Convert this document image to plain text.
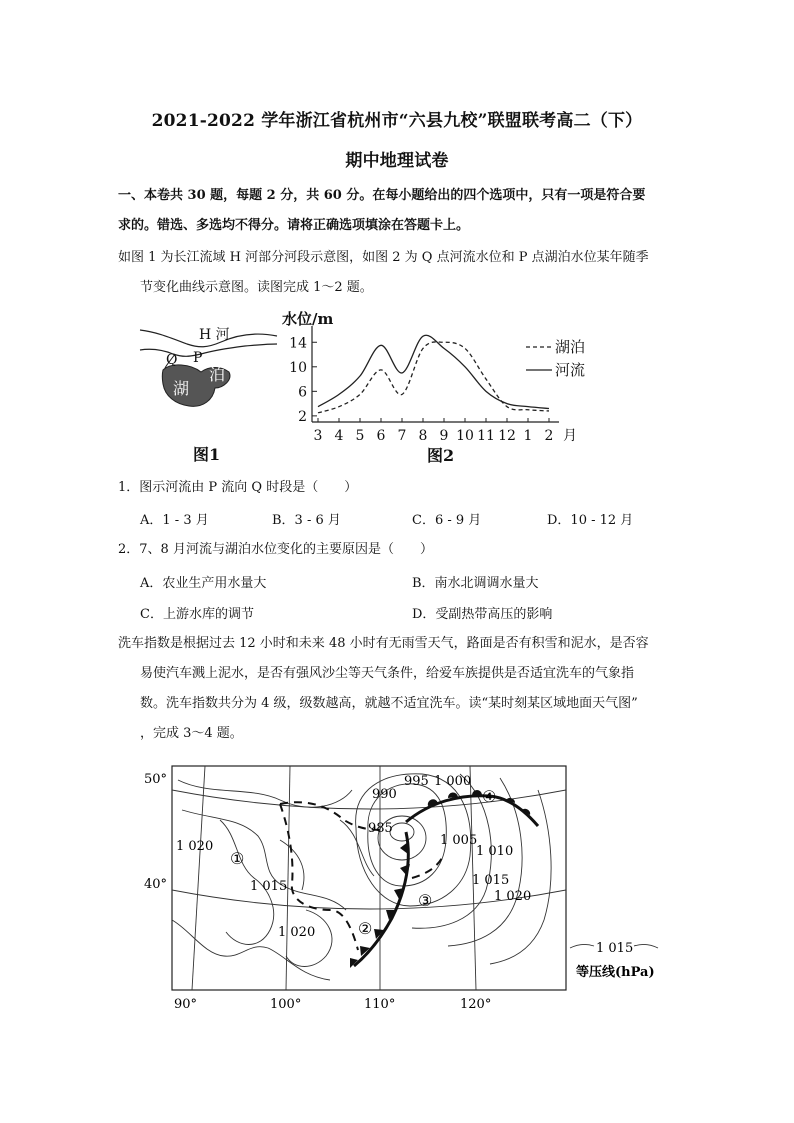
2021-2022 学年浙江省杭州市“六县九校”联盟联考高二（下）
期中地理试卷
一、本卷共 30 题，每题 2 分，共 60 分。在每小题给出的四个选项中，只有一项是符合要
求的。错选、多选均不得分。请将正确选项填涂在答题卡上。
如图 1 为长江流域 H 河部分河段示意图，如图 2 为 Q 点河流水位和 P 点湖泊水位某年随季
节变化曲线示意图。读图完成 1～2 题。
H 河
Q P
湖
泊
图1
水位/m
2
6
10
14
3 4 5 6 7 8 9 10 11 12 1 2 月
湖泊
河流
图2
1．图示河流由 P 流向 Q 时段是（　　）
A．1 - 3 月	B．3 - 6 月	C．6 - 9 月	D．10 - 12 月
2．7、8 月河流与湖泊水位变化的主要原因是（　　）
A．农业生产用水量大	B．南水北调调水量大
C．上游水库的调节	D．受副热带高压的影响
洗车指数是根据过去 12 小时和未来 48 小时有无雨雪天气，路面是否有积雪和泥水，是否容
易使汽车溅上泥水，是否有强风沙尘等天气条件，给爱车族提供是否适宜洗车的气象指
数。洗车指数共分为 4 级，级数越高，就越不适宜洗车。读“某时刻某区域地面天气图”
，完成 3～4 题。
50°
40°
90°	100°	110°	120°
990
995 1 000
985
1 005
1 010
1 015
1 020
1 020
1 015
1 020
①
②
③
④
1 015
等压线(hPa)
